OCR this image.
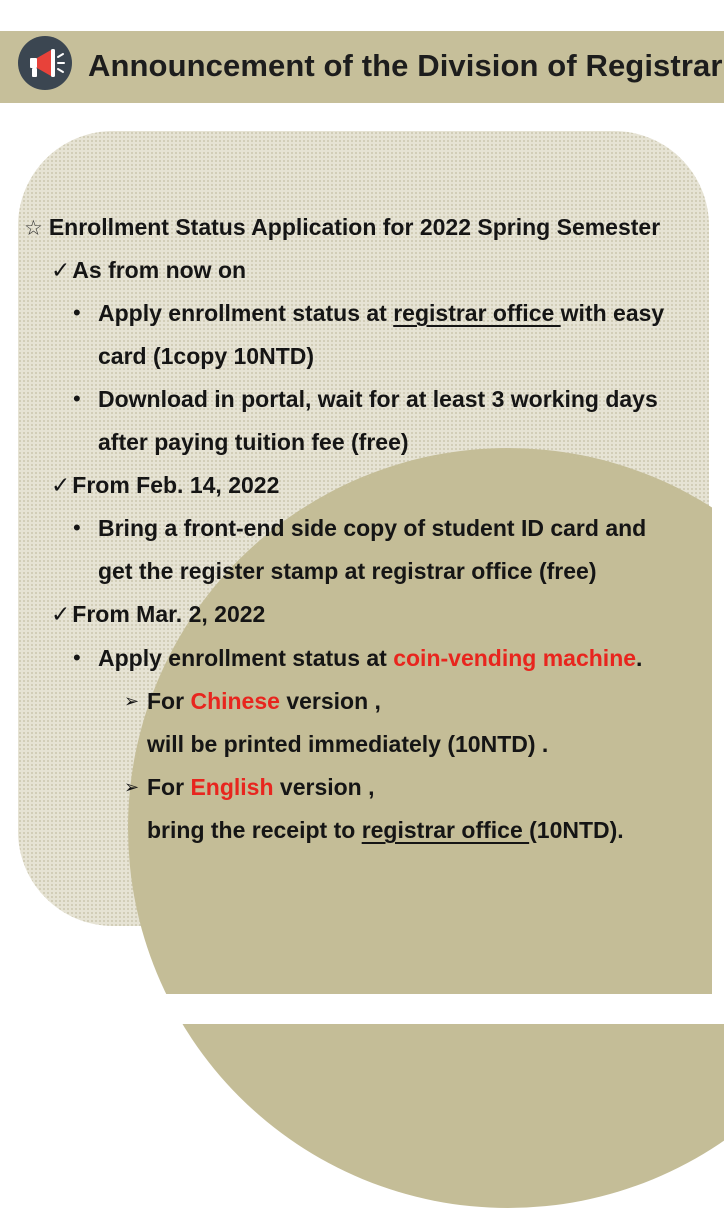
Announcement of the Division of Registrar
☆ Enrollment Status Application for 2022 Spring Semester
✓As from now on
• Apply enrollment status at registrar office with easy
card (1copy 10NTD)
• Download in portal, wait for at least 3 working days
after paying tuition fee (free)
✓From Feb. 14, 2022
• Bring a front-end side copy of student ID card and
get the register stamp at registrar office (free)
✓From Mar. 2, 2022
• Apply enrollment status at coin-vending machine.
➢ For Chinese version ,
will be printed immediately (10NTD) .
➢ For English version ,
bring the receipt to registrar office (10NTD).
